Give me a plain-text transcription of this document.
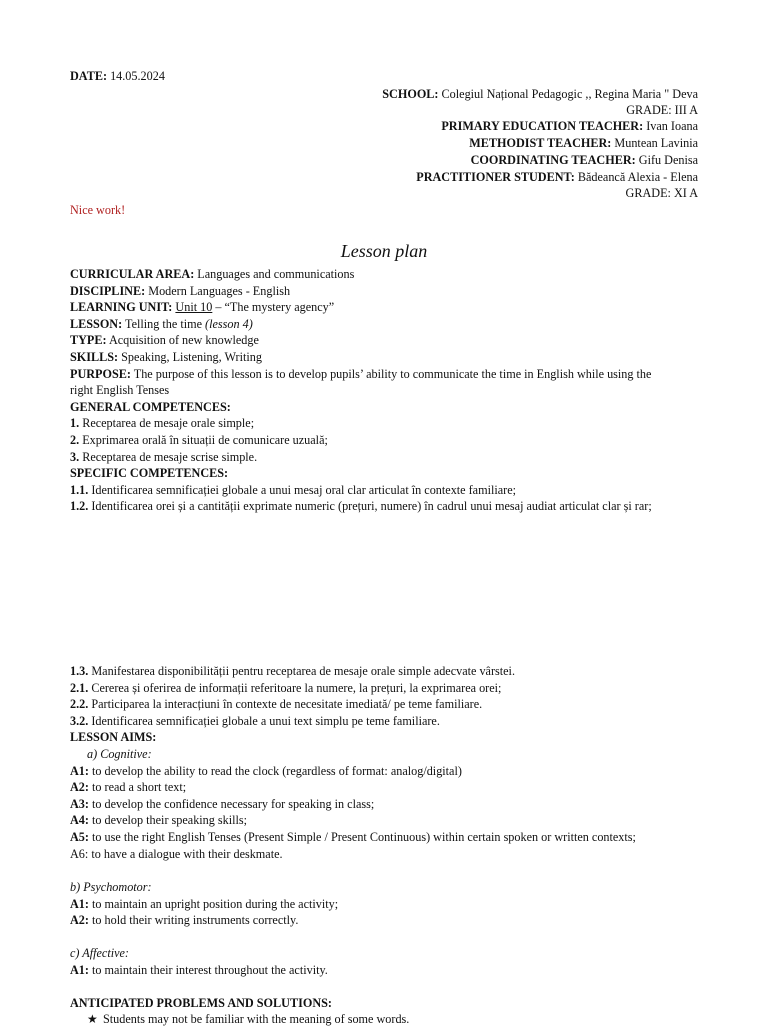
DATE: 14.05.2024
SCHOOL: Colegiul Național Pedagogic ,, Regina Maria " Deva
GRADE: III A
PRIMARY EDUCATION TEACHER: Ivan Ioana
METHODIST TEACHER: Muntean Lavinia
COORDINATING TEACHER: Gifu Denisa
PRACTITIONER STUDENT: Bădeancă Alexia - Elena
GRADE: XI A
Nice work!
Lesson plan
CURRICULAR AREA: Languages and communications
DISCIPLINE: Modern Languages - English
LEARNING UNIT: Unit 10 – “The mystery agency”
LESSON: Telling the time (lesson 4)
TYPE: Acquisition of new knowledge
SKILLS: Speaking, Listening, Writing
PURPOSE: The purpose of this lesson is to develop pupils’ ability to communicate the time in English while using the
right English Tenses
GENERAL COMPETENCES:
1. Receptarea de mesaje orale simple;
2. Exprimarea orală în situații de comunicare uzuală;
3. Receptarea de mesaje scrise simple.
SPECIFIC COMPETENCES:
1.1. Identificarea semnificației globale a unui mesaj oral clar articulat în contexte familiare;
1.2. Identificarea orei și a cantității exprimate numeric (prețuri, numere) în cadrul unui mesaj audiat articulat clar și rar;
1.3. Manifestarea disponibilității pentru receptarea de mesaje orale simple adecvate vârstei.
2.1. Cererea și oferirea de informații referitoare la numere, la prețuri, la exprimarea orei;
2.2. Participarea la interacțiuni în contexte de necesitate imediată/ pe teme familiare.
3.2. Identificarea semnificației globale a unui text simplu pe teme familiare.
LESSON AIMS:
a) Cognitive:
A1: to develop the ability to read the clock (regardless of format: analog/digital)
A2: to read a short text;
A3: to develop the confidence necessary for speaking in class;
A4: to develop their speaking skills;
A5: to use the right English Tenses (Present Simple / Present Continuous) within certain spoken or written contexts;
A6: to have a dialogue with their deskmate.
b) Psychomotor:
A1: to maintain an upright position during the activity;
A2: to hold their writing instruments correctly.
c) Affective:
A1: to maintain their interest throughout the activity.
ANTICIPATED PROBLEMS AND SOLUTIONS:
★ Students may not be familiar with the meaning of some words.
